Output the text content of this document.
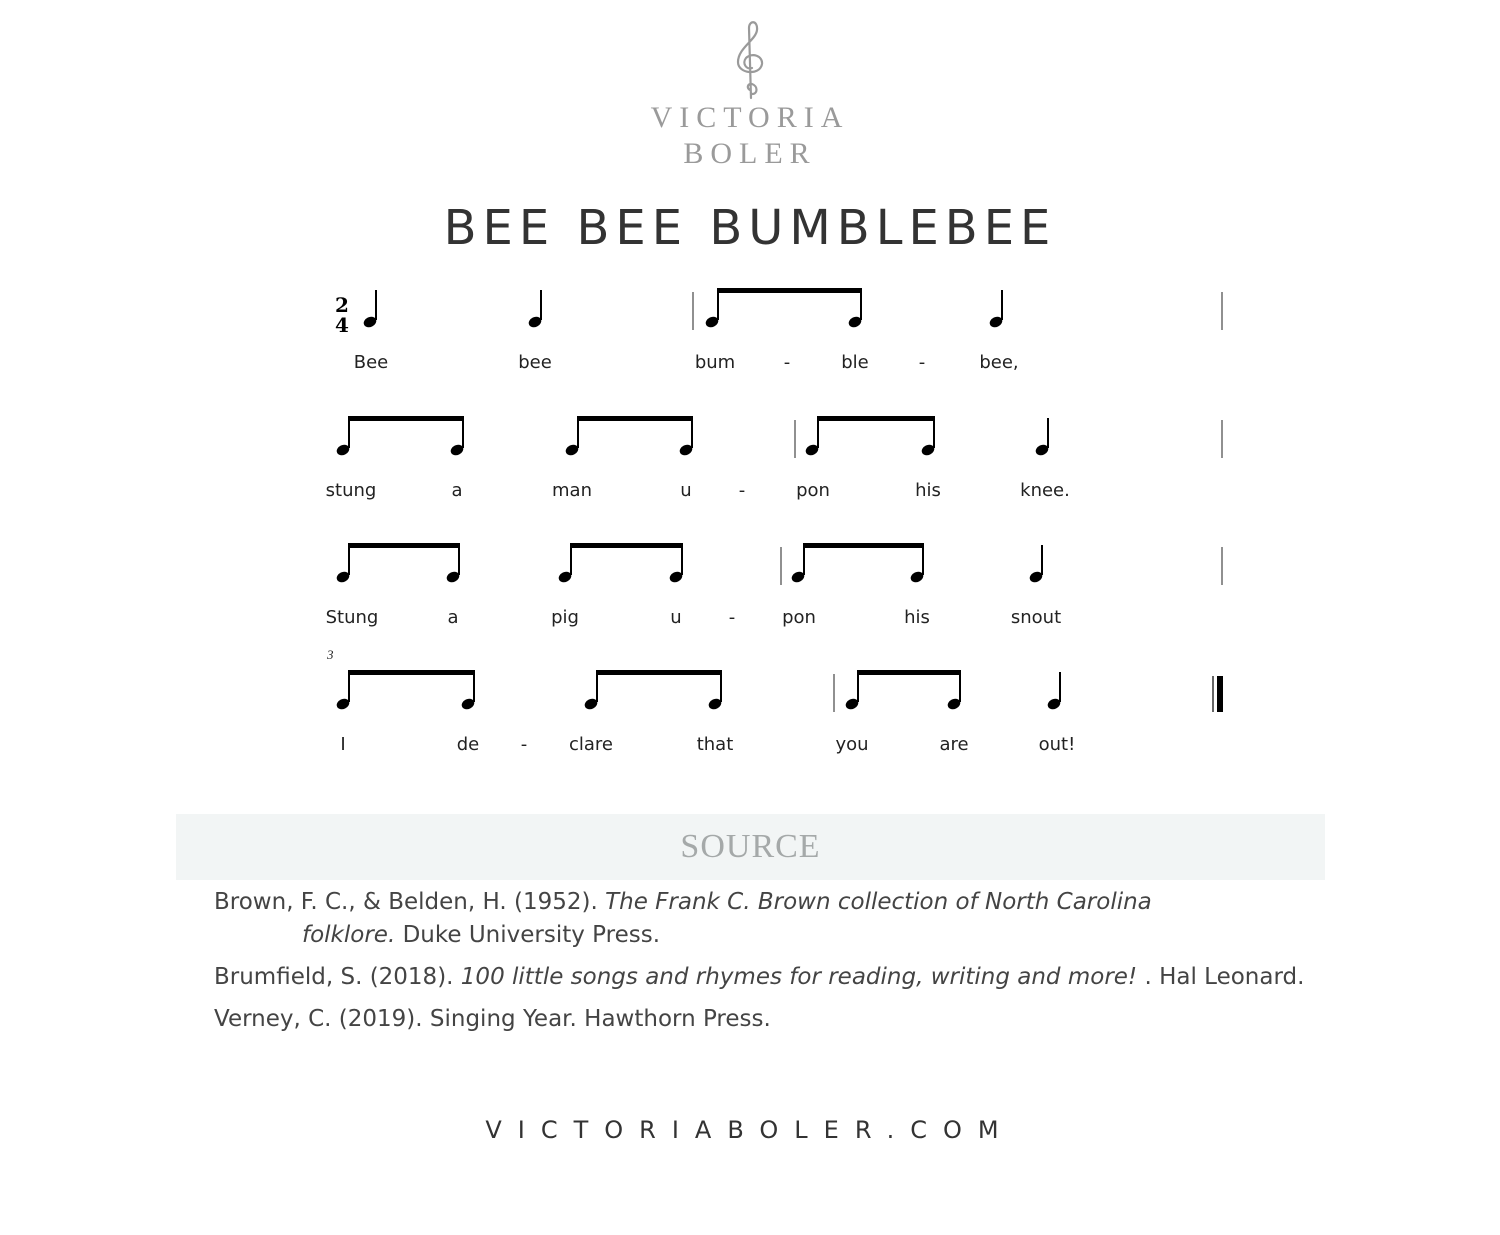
VICTORIA
BOLER
BEE BEE BUMBLEBEE
Bee	bee	bum	-	ble	-	bee,
stung	a	man	u	-	pon	his	knee.
Stung	a	pig	u	-	pon	his	snout
I	de - clare	that	you	are	out!
3
2
4
SOURCE
Brown, F. C., & Belden, H. (1952). The Frank C. Brown collection of North Carolina
folklore. Duke University Press.
Brumfield, S. (2018). 100 little songs and rhymes for reading, writing and more! . Hal Leonard.
Verney, C. (2019). Singing Year. Hawthorn Press.
VICTORIABOLER.COM
